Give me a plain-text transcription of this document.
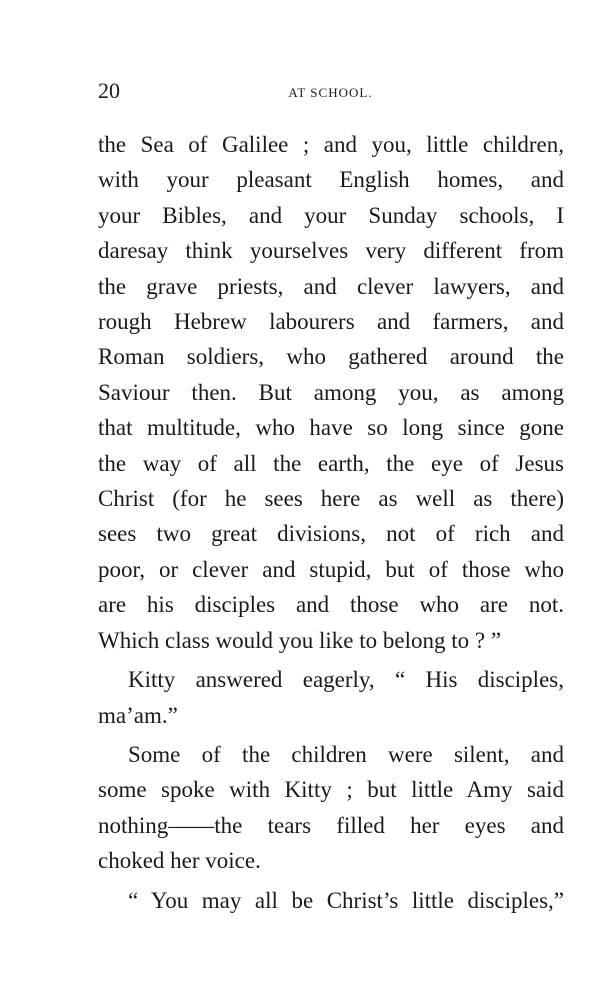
20	AT SCHOOL.
the Sea of Galilee ; and you, little children,
with your pleasant English homes, and
your Bibles, and your Sunday schools, I
daresay think yourselves very different from
the grave priests, and clever lawyers, and
rough Hebrew labourers and farmers, and
Roman soldiers, who gathered around the
Saviour then. But among you, as among
that multitude, who have so long since gone
the way of all the earth, the eye of Jesus
Christ (for he sees here as well as there)
sees two great divisions, not of rich and
poor, or clever and stupid, but of those who
are his disciples and those who are not.
Which class would you like to belong to ? ”
Kitty answered eagerly, “ His disciples,
ma’am.”
Some of the children were silent, and
some spoke with Kitty ; but little Amy said
nothing——the tears filled her eyes and
choked her voice.
“ You may all be Christ’s little disciples,”
